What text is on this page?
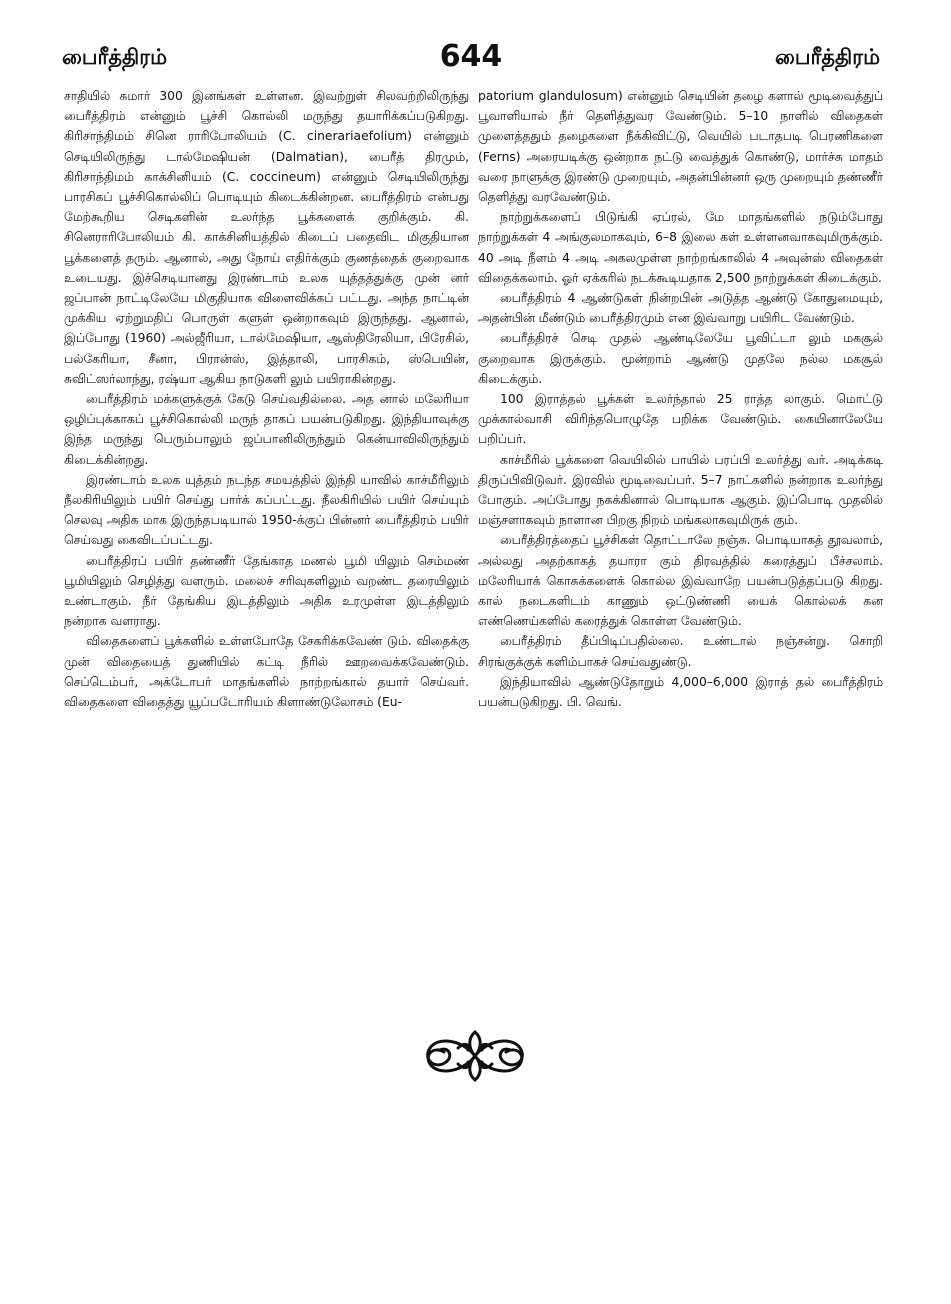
பைரீத்திரம்	644	பைரீத்திரம்

சாதியில் சுமார் 300 இனங்கள் உள்ளன. இவற்றுள் சிலவற்றிலிருந்து பைரீத்திரம் என்னும் பூச்சி கொல்லி மருந்து தயாரிக்கப்படுகிறது. கிரிசாந்திமம் சினெ ராரிபோலியம் (C. cinerariaefolium) என்னும் செடியிலிருந்து டால்மேஷியன் (Dalmatian), பைரீத் திரமும், கிரிசாந்திமம் காக்சினியம் (C. coccineum) என்னும் செடியிலிருந்து பாரசிகப் பூச்சிகொல்லிப் பொடியும் கிடைக்கின்றன. பைரீத்திரம் என்பது மேற்கூறிய செடிகளின் உலர்ந்த பூக்களைக் குறிக்கும். கி. சினெராரிபோலியம் கி. காக்சினியத்தில் கிடைப் பதைவிட மிகுதியான பூக்களைத் தரும். ஆனால், அது நோய் எதிர்க்கும் குணத்தைக் குறைவாக உடையது. இச்செடியானது இரண்டாம் உலக யுத்தத்துக்கு முன் னர் ஜப்பான் நாட்டிலேயே மிகுதியாக விளைவிக்கப் பட்டது. அந்த நாட்டின் முக்கிய ஏற்றுமதிப் பொருள் களுள் ஒன்றாகவும் இருந்தது. ஆனால், இப்போது (1960) அல்ஜீரியா, டால்மேஷியா, ஆஸ்திரேலியா, பிரேசில், பல்கேரியா, சீனா, பிரான்ஸ், இத்தாலி, பாரசிகம், ஸ்பெயின், சுவிட்ஸர்லாந்து, ரஷ்யா ஆகிய நாடுகளி லும் பயிராகின்றது.

பைரீத்திரம் மக்களுக்குக் கேடு செய்வதில்லை. அத னால் மலேரியா ஒழிப்புக்காகப் பூச்சிகொல்லி மருந் தாகப் பயன்படுகிறது. இந்தியாவுக்கு இந்த மருந்து பெரும்பாலும் ஜப்பானிலிருந்தும் கென்யாவிலிருந்தும் கிடைக்கின்றது.

இரண்டாம் உலக யுத்தம் நடந்த சமயத்தில் இந்தி யாவில் காச்மீரிலும் நீலகிரியிலும் பயிர் செய்து பார்க் கப்பட்டது. நீலகிரியில் பயிர் செய்யும் செலவு அதிக மாக இருந்தபடியால் 1950-க்குப் பின்னர் பைரீத்திரம் பயிர் செய்வது கைவிடப்பட்டது.

பைரீத்திரப் பயிர் தண்ணீர் தேங்காத மணல் பூமி யிலும் செம்மண் பூமியிலும் செழித்து வளரும். மலைச் சரிவுகளிலும் வறண்ட தரையிலும் உண்டாகும். நீர் தேங்கிய இடத்திலும் அதிக உரமுள்ள இடத்திலும் நன்றாக வளராது.

விதைகளைப் பூக்களில் உள்ளபோதே சேகரிக்கவேண் டும். விதைக்கு முன் விதையைத் துணியில் கட்டி நீரில் ஊறவைக்கவேண்டும். செப்டெம்பர், அக்டோபர் மாதங்களில் நாற்றங்கால் தயார் செய்வர். விதைகளை விதைத்து யூப்படோரியம் கிளாண்டுலோசம் (Eu-

patorium glandulosum) என்னும் செடியின் தழை களால் மூடிவைத்துப் பூவாளியால் நீர் தெளித்துவர வேண்டும். 5–10 நாளில் விதைகள் முளைத்ததும் தழைகளை நீக்கிவிட்டு, வெயில் படாதபடி பெரணிகளை (Ferns) அரையடிக்கு ஒன்றாக நட்டு வைத்துக் கொண்டு, மார்ச்சு மாதம் வரை நாளுக்கு இரண்டு முறையும், அதன்பின்னர் ஒரு முறையும் தண்ணீர் தெளித்து வரவேண்டும்.

நாற்றுக்களைப் பிடுங்கி ஏப்ரல், மே மாதங்களில் நடும்போது நாற்றுக்கள் 4 அங்குலமாகவும், 6–8 இலை கள் உள்ளனவாகவுமிருக்கும். 40 அடி நீளம் 4 அடி அகலமுள்ள நாற்றங்காலில் 4 அவுன்ஸ் விதைகள் விதைக்கலாம். ஓர் ஏக்கரில் நடக்கூடியதாக 2,500 நாற்றுக்கள் கிடைக்கும்.

பைரீத்திரம் 4 ஆண்டுகள் நின்றபின் அடுத்த ஆண்டு கோதுமையும், அதன்பின் மீண்டும் பைரீத்திரமும் என இவ்வாறு பயிரிட வேண்டும்.

பைரீத்திரச் செடி முதல் ஆண்டிலேயே பூவிட்டா லும் மகசூல் குறைவாக இருக்கும். மூன்றாம் ஆண்டு முதலே நல்ல மகசூல் கிடைக்கும்.

100 இராத்தல் பூக்கள் உலர்ந்தால் 25 ராத்த லாகும். மொட்டு முக்கால்வாசி விரிந்தபொழுதே பறிக்க வேண்டும். கையினாலேயே பறிப்பர்.

காச்மீரில் பூக்களை வெயிலில் பாயில் பரப்பி உலர்த்து வர். அடிக்கடி திருப்பிவிடுவர். இரவில் மூடிவைப்பர். 5–7 நாட்களில் நன்றாக உலர்ந்து போகும். அப்போது நசுக்கினால் பொடியாக ஆகும். இப்பொடி முதலில் மஞ்சளாகவும் நாளான பிறகு நிறம் மங்கலாகவுமிருக் கும்.

பைரீத்திரத்தைப் பூச்சிகள் தொட்டாலே நஞ்சு. பொடியாகத் தூவலாம், அல்லது அதற்காகத் தயாரா கும் திரவத்தில் கரைத்துப் பீச்சலாம். மலேரியாக் கொசுக்களைக் கொல்ல இவ்வாறே பயன்படுத்தப்படு கிறது. கால் நடைகளிடம் காணும் ஒட்டுண்ணி யைக் கொல்லக் கன எண்ணெய்களில் கரைத்துக் கொள்ள வேண்டும்.

பைரீத்திரம் தீப்பிடிப்பதில்லை. உண்டால் நஞ்சன்று. சொறி சிரங்குக்குக் களிம்பாகச் செய்வதுண்டு.

இந்தியாவில் ஆண்டுதோறும் 4,000–6,000 இராத் தல் பைரீத்திரம் பயன்படுகிறது. பி. வெங்.
